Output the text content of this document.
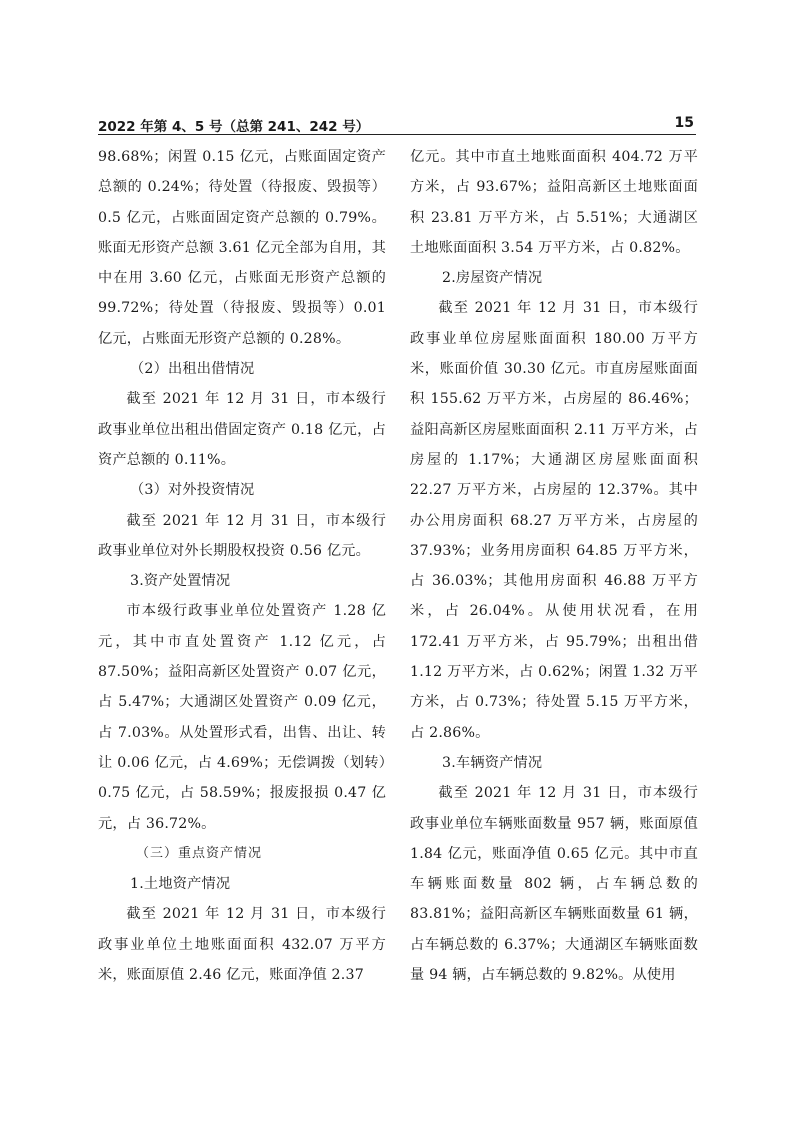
2022 年第 4、5 号（总第 241、242 号）	15

98.68%；闲置 0.15 亿元，占账面固定资产总额的 0.24%；待处置（待报废、毁损等）0.5 亿元，占账面固定资产总额的 0.79%。账面无形资产总额 3.61 亿元全部为自用，其中在用 3.60 亿元，占账面无形资产总额的 99.72%；待处置（待报废、毁损等）0.01 亿元，占账面无形资产总额的 0.28%。

（2）出租出借情况

截至 2021 年 12 月 31 日，市本级行政事业单位出租出借固定资产 0.18 亿元，占资产总额的 0.11%。

（3）对外投资情况

截至 2021 年 12 月 31 日，市本级行政事业单位对外长期股权投资 0.56 亿元。

3.资产处置情况

市本级行政事业单位处置资产 1.28 亿元，其中市直处置资产 1.12 亿元，占 87.50%；益阳高新区处置资产 0.07 亿元，占 5.47%；大通湖区处置资产 0.09 亿元，占 7.03%。从处置形式看，出售、出让、转让 0.06 亿元，占 4.69%；无偿调拨（划转）0.75 亿元，占 58.59%；报废报损 0.47 亿元，占 36.72%。

（三）重点资产情况

1.土地资产情况

截至 2021 年 12 月 31 日，市本级行政事业单位土地账面面积 432.07 万平方米，账面原值 2.46 亿元，账面净值 2.37

亿元。其中市直土地账面面积 404.72 万平方米，占 93.67%；益阳高新区土地账面面积 23.81 万平方米，占 5.51%；大通湖区土地账面面积 3.54 万平方米，占 0.82%。

2.房屋资产情况

截至 2021 年 12 月 31 日，市本级行政事业单位房屋账面面积 180.00 万平方米，账面价值 30.30 亿元。市直房屋账面面积 155.62 万平方米，占房屋的 86.46%；益阳高新区房屋账面面积 2.11 万平方米，占房屋的 1.17%；大通湖区房屋账面面积 22.27 万平方米，占房屋的 12.37%。其中办公用房面积 68.27 万平方米，占房屋的 37.93%；业务用房面积 64.85 万平方米，占 36.03%；其他用房面积 46.88 万平方米，占 26.04%。从使用状况看，在用 172.41 万平方米，占 95.79%；出租出借 1.12 万平方米，占 0.62%；闲置 1.32 万平方米，占 0.73%；待处置 5.15 万平方米，占 2.86%。

3.车辆资产情况

截至 2021 年 12 月 31 日，市本级行政事业单位车辆账面数量 957 辆，账面原值 1.84 亿元，账面净值 0.65 亿元。其中市直车辆账面数量 802 辆，占车辆总数的 83.81%；益阳高新区车辆账面数量 61 辆，占车辆总数的 6.37%；大通湖区车辆账面数量 94 辆，占车辆总数的 9.82%。从使用
